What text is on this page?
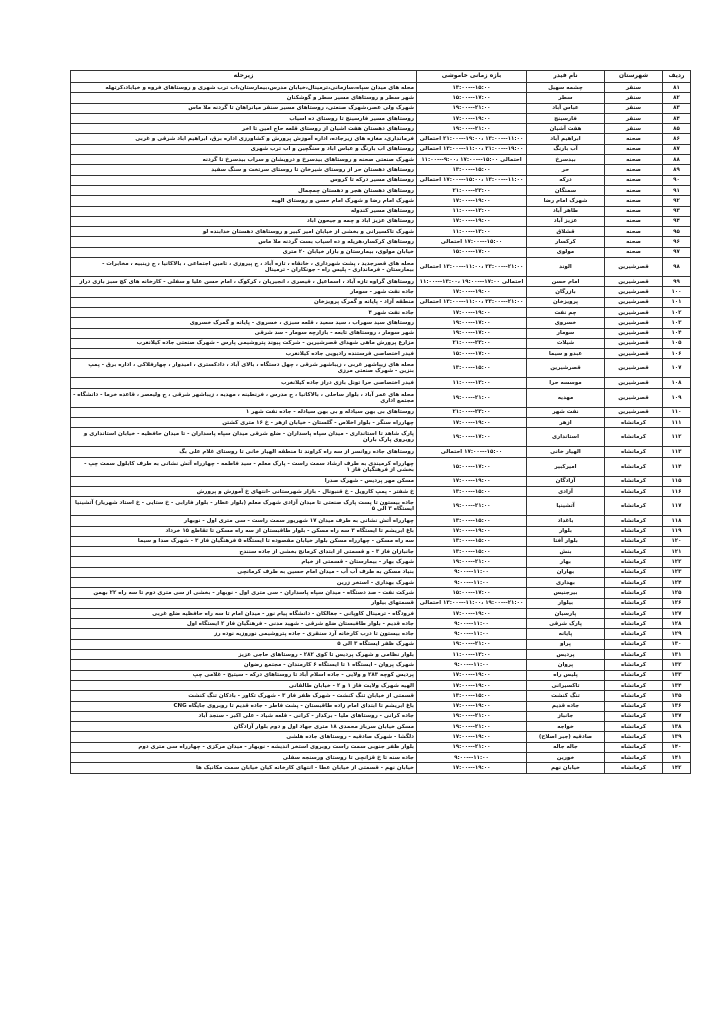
ردیف	شهرستان	نام فیدر	بازه زمانی خاموشی	زیرحله
۸۱	سنقر	چشمه سهیل	۱۳:۰۰---۱۵:۰۰	محله های میدان سپاه،سازمانی،ترمینال،خیابان مدرس،بیمارستان،اب ترب شهری و روستاهای فروه و خیاباد،کرتهله
۸۲	سنقر	سطر	۱۵:۰۰---۱۷:۰۰	شهر سطر و روستاهای مسیر سطر و گوشکنان
۸۳	سنقر	عباس آباد	۱۹:۰۰---۲۱:۰۰	شهرک ولی عصر،شهرک صنعتی، روستاهای مسیر سنقر میانراهان تا گردنه ملا ماس
۸۴	سنقر	فارسینج	۱۷:۰۰---۱۹:۰۰	روستاهای مسیر فارسینج تا روستای ده اسیاب
۸۵	سنقر	هفت آشیان	۱۹:۰۰---۲۱:۰۰	روستاهای دهستان هفت اشیان از روستای قلعه حاج امین تا اخر
۸۶	صحنه	ابراهیم آباد	۱۱:۰۰---۱۳:۰۰ ،۱۹:۰۰---۲۱:۰۰ احتمالی	فرمانداری، مغازه های زیرجاده، اداره آموزش پرورش و کشاورزی اداره برق، ابراهیم اباد شرقی و غربی
۸۷	صحنه	آب بارنگ	۱۹:۰۰---۲۱:۰۰ ،۱۱:۰۰---۱۳:۰۰ احتمالی	روستاهای اب بارنگ و عباس اباد و سنگچین و اب ترب شهری
۸۸	صحنه	بیدسرخ	احتمالی ۱۵:۰۰---۱۷:۰۰ ،۹:۰۰---۱۱:۰۰	شهرک صنعتی صحنه و روستاهای بیدسرخ و درویشان و سراب بیدسرخ تا گردنه
۸۹	صحنه	حر	۱۳:۰۰---۱۵:۰۰	روستاهای دهستان حر از روستای شیرخان تا روستای سرتخت و سنگ سفید
۹۰	صحنه	درکه	۱۱:۰۰---۱۳:۰۰ ،۱۵:۰۰---۱۷:۰۰ احتمالی	روستاهای مسیر درکه تا کروس
۹۱	صحنه	سمنگان	۲۱:۰۰---۲۳:۰۰	روستاهای دهستان هجر و دهستان چمچمال
۹۲	صحنه	شهرک امام رضا	۱۷:۰۰---۱۹:۰۰	شهرک امام رضا و شهرک امام حسن و روستای الهیه
۹۳	صحنه	طاهر آباد	۱۱:۰۰---۱۳:۰۰	روستاهای مسیر کندوله
۹۴	صحنه	عزیز آباد	۱۷:۰۰---۱۹:۰۰	روستاهای عزیز اباد و چمه و جیحون اباد
۹۵	صحنه	قشلاق	۱۱:۰۰---۱۳:۰۰	شهرک تاکسیرانی و بخشی از خیابان امیر کبیر و روستاهای دهستان خدابنده لو
۹۶	صحنه	کرکسار	۱۵:۰۰---۱۷:۰۰ احتمالی	روستاهای کرکسار،هریله و ده اسیاب بست گردنه ملا ماس
۹۷	صحنه	مولوی	۱۵:۰۰---۱۷:۰۰	خیابان مولوی، بیمارستان و بازار خیابان ۲۰ متری
۹۸	قصرشیرین	الوند	۲۱:۰۰---۲۳:۰۰ ،۱۱:۰۰---۱۳:۰۰ احتمالی	محله های قصرجدید ، پشت شهرداری ، خانقاه ، تازه آباد ، ج پیروزی ، تامین اجتماعی ، بالاکانیا ، ج زینبیه ، مخابرات - بیمارستان - فرمانداری - پلیس راه - جونکاران - ترمینال
۹۹	قصرشیرین	امام حسن	احتمالی ۱۷:۰۰---۱۹:۰۰ ،۱۳:۰۰---۱۱:۰۰	روستاهای گراوه تازه آباد ، اسماعیل ، قیصری ، انجیریان ، کرکوک ، امام حسن علیا و سفلی - کارخانه های کچ سبز بازی دراز
۱۰۰	قصرشیرین	بازرگان	۱۷:۰۰---۱۹:۰۰	جاده نفت شهر - سومار
۱۰۱	قصرشیرین	پرویزخان	۲۱:۰۰---۲۳:۰۰ ،۱۱:۰۰---۱۳:۰۰ احتمالی	منطقه آزاد - پایانه و گمرک پرویزخان
۱۰۲	قصرشیرین	چم نفت	۱۷:۰۰---۱۹:۰۰	جاده نفت شهر ۴
۱۰۳	قصرشیرین	خسروی	۱۹:۰۰---۱۷:۰۰	روستاهای سید سهراب ، سید سعید ، قلعه سبزی ، خسروی - پایانه و گمرک خسروی
۱۰۴	قصرشیرین	سومار	۱۹:۰۰---۱۷:۰۰	شهر سومار ، روستاهای تابعه - بازارچه سومار - سد شرقی
۱۰۵	قصرشیرین	شیلات	۲۱:۰۰---۲۳:۰۰	مزارع پرورش ماهی شهدای قصرشیرین - شرکت پیوند پتروشیمی پارس - شهرک صنعتی جاده کیلانغرب
۱۰۶	قصرشیرین	عبدو و سیما	۱۵:۰۰---۱۷:۰۰	فیدر اختصاصی فرستنده رادیویی جاده کیلانغرب
۱۰۷	قصرشیرین	قصرشیرین	۱۳:۰۰---۱۵:۰۰	محله های زیباشهر غربی ، زیباشهر شرقی ، چهل دستگاه ، بالای آباد ، دادکستری ، امیدوار ، چهارفلاکی ، اداره برق - پمپ بنزین - شهرک صنعتی مرزی
۱۰۸	قصرشیرین	موسسه حرا	۱۱:۰۰---۱۳:۰۰	فیدر اختصاصی حرا تونل بازی دراز جاده کیلانغرب
۱۰۹	قصرشیرین	مهدیه	۱۹:۰۰---۲۱:۰۰	محله های عمر آباد ، بلوار ساحلی ، بالاکانیا ، ج مدرس ، فرنطینه ، مهدیه ، زیباشهر شرقی ، ج ولیعصر ، قاعده خرما - دانشگاه - مجتمع اداری
۱۱۰	قصرشیرین	نفت شهر	۲۱:۰۰---۲۳:۰۰	روستاهای بی بهن سیادله و بی بهن سیادله - جاده نفت شهر ۱
۱۱۱	کرمانشاه	ازهر	۱۷:۰۰---۱۹:۰۰	چهارراه سنگر - بلوار اخلاص - گلستان - خیابان ازهر - خ ۱۶ متری کشتن
۱۱۲	کرمانشاه	استانداری	۱۹:۰۰---۱۷:۰۰	پارک شاهد تا استانداری - میدان سپاه پاسداران - ضلع شرقی میدان سپاه پاسداران - تا میدان حافظیه - خیابان استانداری و روبروی پارک باران
۱۱۳	کرمانشاه	الهیار خانی	۱۵:۰۰---۱۷:۰۰ احتمالی	روستاهای جاده روانسر از سه راه کراوند تا منطقه الهیار خانی تا روستای غلام علی بگ
۱۱۴	کرمانشاه	امیرکبیر	۱۵:۰۰---۱۷:۰۰	چهارراه کرمیندی به طرف ارشاد سمت راست - پارک معلم - سید فاطمه - چهارراه آتش نشانی به طرف کابلول سمت چپ - بخشی از فرهنگیان فاز ۱
۱۱۵	کرمانشاه	آزادگان	۱۷:۰۰---۱۹:۰۰	مسکن مهر پردیس - شهرک صدرا
۱۱۶	کرمانشاه	آزادی	۱۳:۰۰---۱۵:۰۰	خ شفتر - پمپ کارویل - خ قنبونال - بازار شهرستانی -انتهای خ آموزش و پرورش
۱۱۷	کرمانشاه	آتشینیا	۱۹:۰۰---۲۱:۰۰	جاده بیستون تا پست پارک صنعتی تا میدان آزادی شهرک معلم (بلوار عطار - بلوار فارابی - خ ستایی - خ استاد شهریار) آتشینیا ایستگاه ۳ الی ۵
۱۱۸	کرمانشاه	باغداد	۱۳:۰۰---۱۵:۰۰	چهارراه آتش نشانی به طرف میدان ۱۷ شهریور سمت راست - سی متری اول - نوبهار
۱۱۹	کرمانشاه	بلوار	۱۷:۰۰---۱۹:۰۰	باغ ابریشم تا ایستگاه ۳ سه راه مسکن - بلوار طاقبستان از سه راه مسکن تا تقاطع ۱۵ خرداد
۱۲۰	کرمانشاه	بلوار آفتا	۱۳:۰۰---۱۵:۰۰	سه راه مسکن - چهارراه مسکن بلوار خیابان مقصوده تا ایستگاه ۵ فرهنگیان فاز ۳ - شهرک صدا و سیما
۱۲۱	کرمانشاه	بنش	۱۳:۰۰---۱۵:۰۰	جانبازان فاز ۳ - و قسمتی از ابتدای کرمانج بخشی از جاده سنندج
۱۲۲	کرمانشاه	بهار	۱۹:۰۰---۲۱:۰۰	شهرک بهار - بیمارستان - قسمتی از خیام
۱۲۳	کرمانشاه	بهاران	۹:۰۰---۱۱:۰۰	بنیاد مسکن به طرف آب آب - میدان امام حسین به طرف کرمانچی
۱۲۴	کرمانشاه	بهداری	۹:۰۰---۱۱:۰۰	شهرک بهداری - استخر زرین
۱۲۵	کرمانشاه	بیرجنیس	۱۵:۰۰---۱۷:۰۰	شرکت نفت - صد دستگاه - میدان سپاه پاسداران - سی متری اول - نوبهار - بخشی از سی متری دوم تا سه راه ۲۲ بهمن
۱۲۶	کرمانشاه	بیلوار	۲۱:۰۰---۱۹:۰۰ ،۱۱:۰۰---۱۳:۰۰ احتمالی	قسمتهای بیلوار
۱۲۷	کرمانشاه	پارسیان	۱۷:۰۰---۱۹:۰۰	فرودگاه - ترمینال کاوپانی - جغالکان - دانشگاه پیام نور - میدان امام تا سه راه حافظیه ضلع غربی
۱۲۸	کرمانشاه	پارک شرقی	۹:۰۰---۱۱:۰۰	جاده قدیم - بلوار طاقبستان ضلع شرقی - شهید مدنی - فرهنگیان فاز ۲ ایستگاه اول
۱۲۹	کرمانشاه	پایانه	۹:۰۰---۱۱:۰۰	جاده بیستون تا درب کارخانه آرد سنقری - جاده پتروشیمی نوروزیه نوده رز
۱۳۰	کرمانشاه	پراو	۱۹:۰۰---۲۱:۰۰	شهرک ظفر ایستگاه ۳ الی ۵
۱۳۱	کرمانشاه	پردیس	۱۱:۰۰---۱۳:۰۰	بلوار نظامی و شهرک پردیس تا کوی ۲۸۲ - روستاهای حاجی عزیز
۱۳۲	کرمانشاه	پروان	۹:۰۰---۱۱:۰۰	شهرک پروان - ایستگاه ۱ تا ایستگاه ۶ کارمندان - مجتمع رضوان
۱۳۳	کرمانشاه	پلیس راه	۱۷:۰۰---۱۹:۰۰	پردیس کوچه ۲۸۳ و ولایی - جاده اسلام آباد تا روستاهای درکه - سیتیخ - غلامی چپ
۱۳۴	کرمانشاه	تاکسیرانی	۱۷:۰۰---۱۹:۰۰	الهیه شهرک ولایت فاز ۱ و ۲ - خیابان طالقانی
۱۳۵	کرمانشاه	تنگ کنشت	۱۳:۰۰---۱۵:۰۰	قسمتی از خیابان تنگ کنشت - شهرک ظفر فاز ۳ - شهرک تکاور - بادکان تنگ کنشت
۱۳۶	کرمانشاه	جاده قدیم	۱۷:۰۰---۱۹:۰۰	باغ ابریشم تا ابتدای امام زاده طاقبستان - پشت فاطر - جاده قدیم تا روبروی جایگاه CNG
۱۳۷	کرمانشاه	جانباز	۱۹:۰۰---۲۱:۰۰	جاده کرانی - روستاهای ملیا - برکدار - کرانی - قلعه شیاد - علی اکبر - سنجد آباد
۱۳۸	کرمانشاه	خواجه	۱۹:۰۰---۲۱:۰۰	مسکن خیابان سرباز محمدی ۱۸ متری جهاد اول و دوم بلوار آزادگان
۱۳۹	کرمانشاه	صادقیه (جبر اصلاح)	۱۷:۰۰---۱۹:۰۰	دلگشا - شهرک صادقیه - روستاهای جاده هلشی
۱۴۰	کرمانشاه	جاله جاله	۱۹:۰۰---۲۱:۰۰	بلوار ظفر جنوبی سمت راست روبروی استخر اندیشه - نوبهار - میدان مرکزی - چهارراه سی متری دوم
۱۴۱	کرمانشاه	خورین	۹:۰۰---۱۱:۰۰	جاده سنه تا خ قزانچی تا روستای ورسنجه سفلی
۱۴۲	کرمانشاه	خیابان نهم	۱۷:۰۰---۱۹:۰۰	خیابان نهم - قسمتی از خیابان عطا - انتهای کارخانه کیان خیابان سمت مکانیک ها
